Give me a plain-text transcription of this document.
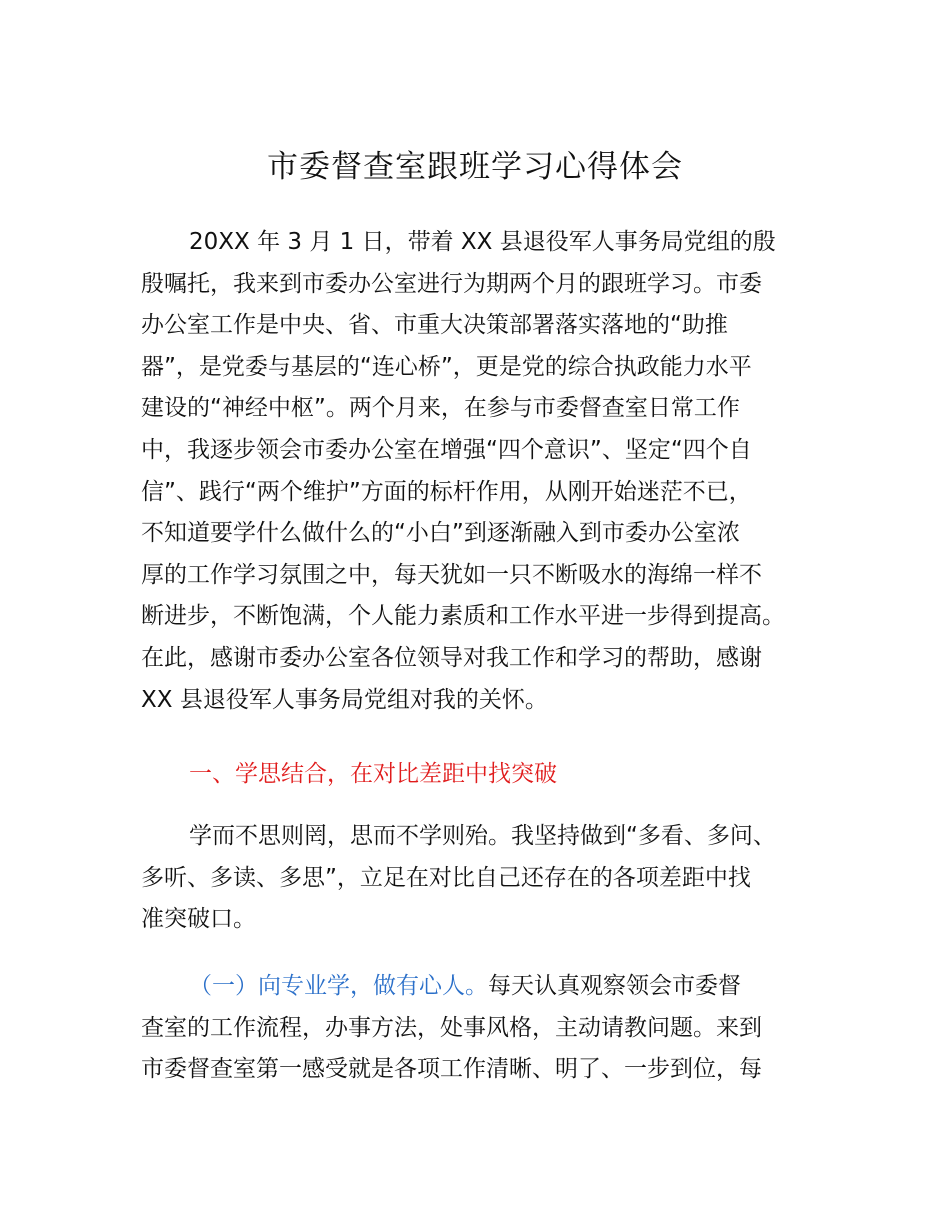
市委督查室跟班学习心得体会
20XX 年 3 月 1 日，带着 XX 县退役军人事务局党组的殷
殷嘱托，我来到市委办公室进行为期两个月的跟班学习。市委
办公室工作是中央、省、市重大决策部署落实落地的“助推
器”，是党委与基层的“连心桥”，更是党的综合执政能力水平
建设的“神经中枢”。两个月来，在参与市委督查室日常工作
中，我逐步领会市委办公室在增强“四个意识”、坚定“四个自
信”、践行“两个维护”方面的标杆作用，从刚开始迷茫不已，
不知道要学什么做什么的“小白”到逐渐融入到市委办公室浓
厚的工作学习氛围之中，每天犹如一只不断吸水的海绵一样不
断进步，不断饱满，个人能力素质和工作水平进一步得到提高。
在此，感谢市委办公室各位领导对我工作和学习的帮助，感谢
XX 县退役军人事务局党组对我的关怀。
一、学思结合，在对比差距中找突破
学而不思则罔，思而不学则殆。我坚持做到“多看、多问、
多听、多读、多思”，立足在对比自己还存在的各项差距中找
准突破口。
（一）向专业学，做有心人。每天认真观察领会市委督
查室的工作流程，办事方法，处事风格，主动请教问题。来到
市委督查室第一感受就是各项工作清晰、明了、一步到位，每
